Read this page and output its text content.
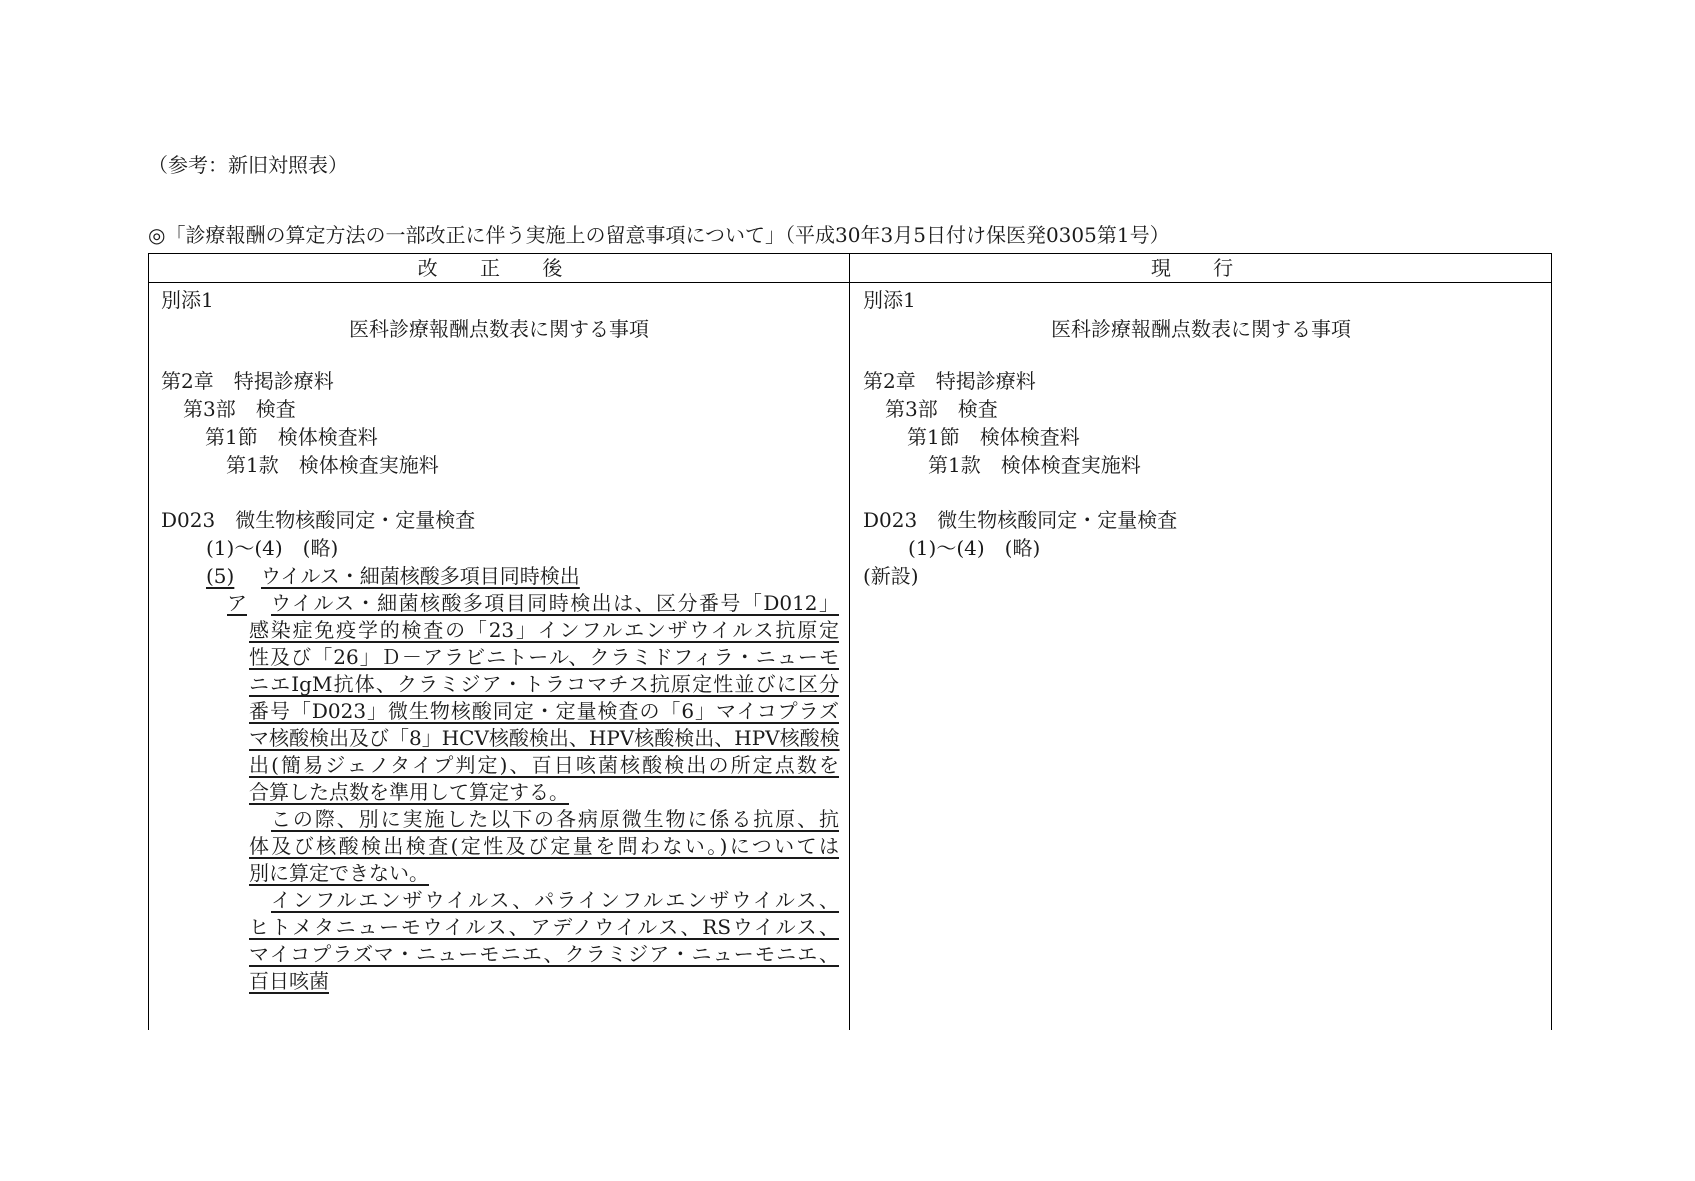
（参考：新旧対照表）
◎「診療報酬の算定方法の一部改正に伴う実施上の留意事項について」（平成30年3月5日付け保医発0305第1号）
改 正 後	現 行
別添1
医科診療報酬点数表に関する事項
第2章　特掲診療料
第3部　検査
第1節　検体検査料
第1款　検体検査実施料
D023　微生物核酸同定・定量検査
(1)～(4)　(略)
(5) ウイルス・細菌核酸多項目同時検出
ア ウイルス・細菌核酸多項目同時検出は、区分番号「D012」
感染症免疫学的検査の「23」インフルエンザウイルス抗原定
性及び「26」Ｄ－アラビニトール、クラミドフィラ・ニューモ
ニエIgM抗体、クラミジア・トラコマチス抗原定性並びに区分
番号「D023」微生物核酸同定・定量検査の「6」マイコプラズ
マ核酸検出及び「8」HCV核酸検出、HPV核酸検出、HPV核酸検
出(簡易ジェノタイプ判定)、百日咳菌核酸検出の所定点数を
合算した点数を準用して算定する。
この際、別に実施した以下の各病原微生物に係る抗原、抗
体及び核酸検出検査(定性及び定量を問わない。)については
別に算定できない。
インフルエンザウイルス、パラインフルエンザウイルス、
ヒトメタニューモウイルス、アデノウイルス、RSウイルス、
マイコプラズマ・ニューモニエ、クラミジア・ニューモニエ、
百日咳菌
別添1
医科診療報酬点数表に関する事項
第2章　特掲診療料
第3部　検査
第1節　検体検査料
第1款　検体検査実施料
D023　微生物核酸同定・定量検査
(1)～(4)　(略)
(新設)
